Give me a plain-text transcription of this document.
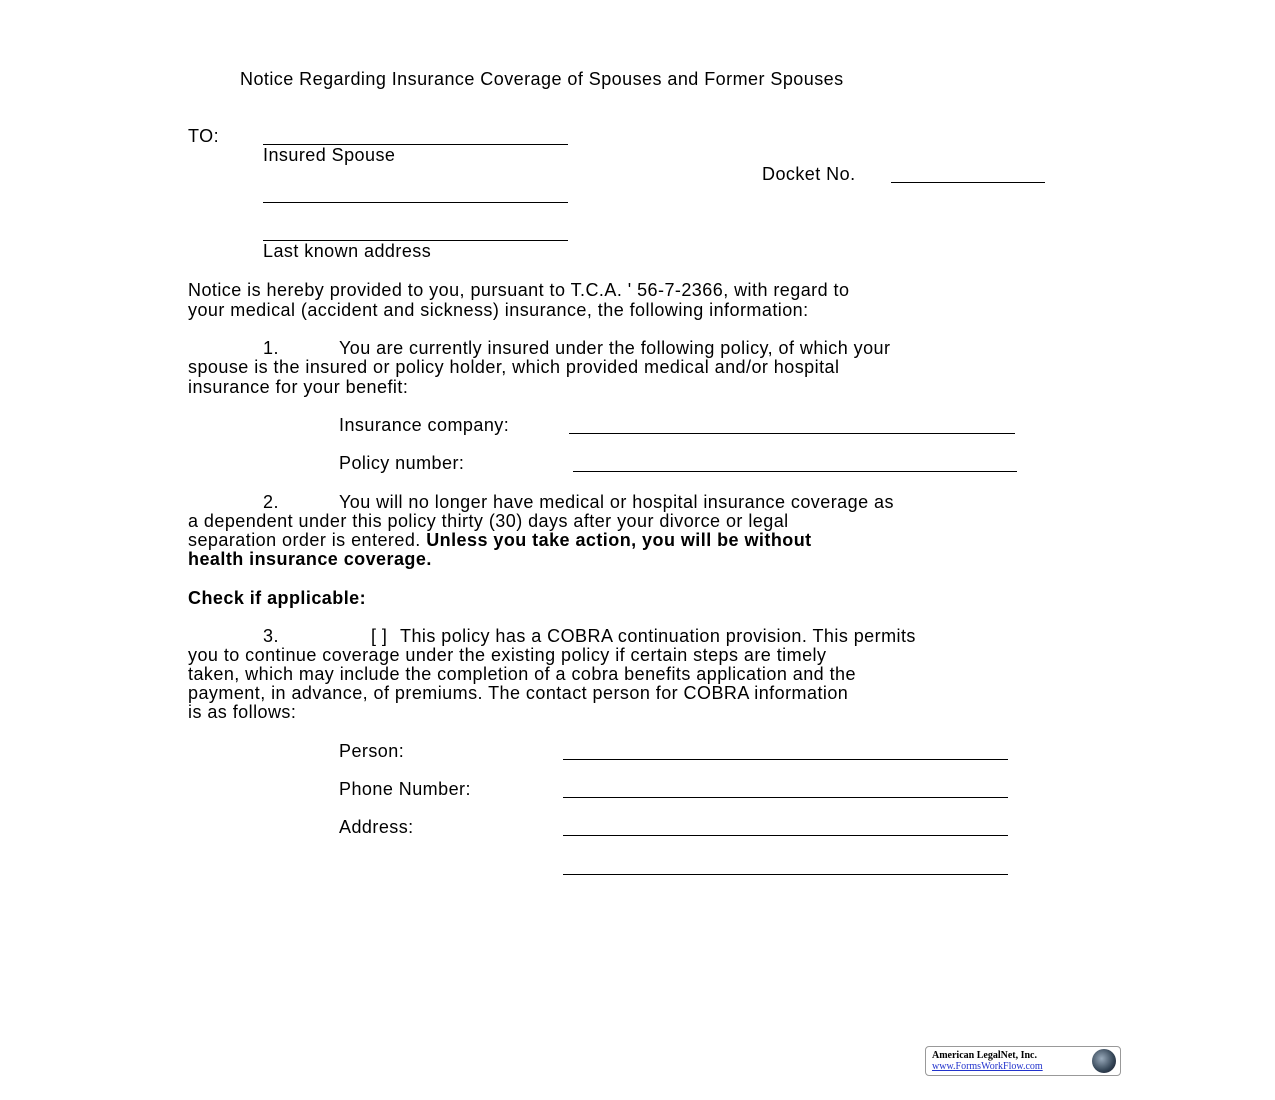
Notice Regarding Insurance Coverage of Spouses and Former Spouses
TO:
Insured Spouse
Docket No.
Last known address
Notice is hereby provided to you, pursuant to T.C.A. ' 56-7-2366, with regard to
your medical (accident and sickness) insurance, the following information:
1.	You are currently insured under the following policy, of which your
spouse is the insured or policy holder, which provided medical and/or hospital
insurance for your benefit:
Insurance company:
Policy number:
2.	You will no longer have medical or hospital insurance coverage as
a dependent under this policy thirty (30) days after your divorce or legal
separation order is entered. Unless you take action, you will be without
health insurance coverage.
Check if applicable:
3.	[ ] This policy has a COBRA continuation provision. This permits
you to continue coverage under the existing policy if certain steps are timely
taken, which may include the completion of a cobra benefits application and the
payment, in advance, of premiums. The contact person for COBRA information
is as follows:
Person:
Phone Number:
Address:
American LegalNet, Inc.
www.FormsWorkFlow.com
